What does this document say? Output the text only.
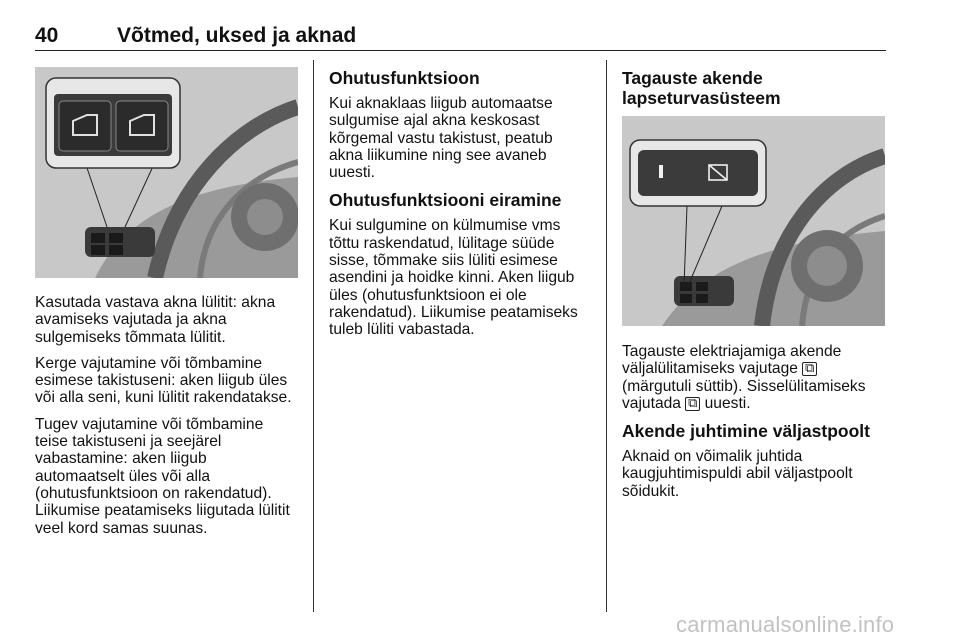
40	Võtmed, uksed ja aknad

Kasutada vastava akna lülitit: akna
avamiseks vajutada ja akna
sulgemiseks tõmmata lülitit.

Kerge vajutamine või tõmbamine
esimese takistuseni: aken liigub üles
või alla seni, kuni lülitit rakendatakse.

Tugev vajutamine või tõmbamine
teise takistuseni ja seejärel
vabastamine: aken liigub
automaatselt üles või alla
(ohutusfunktsioon on rakendatud).
Liikumise peatamiseks liigutada lülitit
veel kord samas suunas.

Ohutusfunktsioon

Kui aknaklaas liigub automaatse
sulgumise ajal akna keskosast
kõrgemal vastu takistust, peatub
akna liikumine ning see avaneb
uuesti.

Ohutusfunktsiooni eiramine

Kui sulgumine on külmumise vms
tõttu raskendatud, lülitage süüde
sisse, tõmmake siis lüliti esimese
asendini ja hoidke kinni. Aken liigub
üles (ohutusfunktsioon ei ole
rakendatud). Liikumise peatamiseks
tuleb lüliti vabastada.

Tagauste akende
lapseturvasüsteem

Tagauste elektriajamiga akende
väljalülitamiseks vajutage ⧉
(märgutuli süttib). Sisselülitamiseks
vajutada ⧉ uuesti.

Akende juhtimine väljastpoolt

Aknaid on võimalik juhtida
kaugjuhtimispuldi abil väljastpoolt
sõidukit.

carmanualsonline.info
